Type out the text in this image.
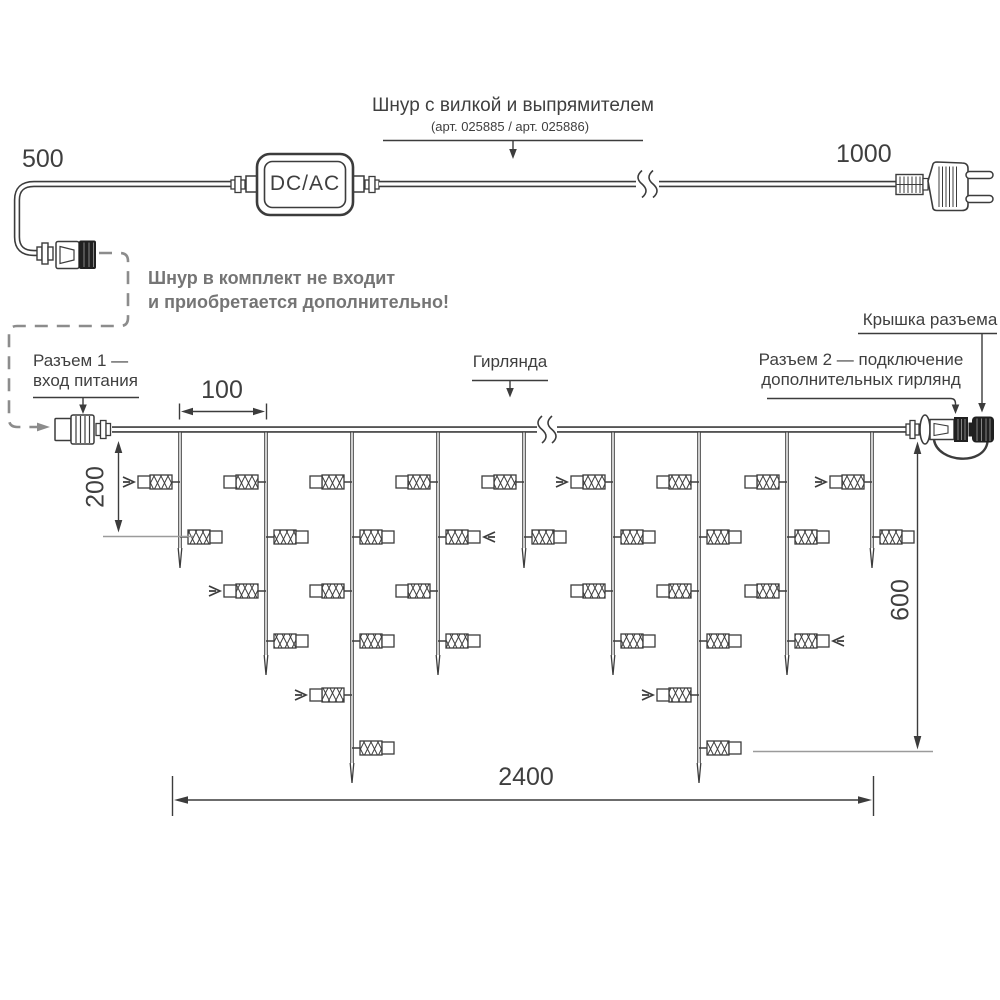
Шнур с вилкой и выпрямителем
(арт. 025885 / арт. 025886)
500	1000
DC/AC
Шнур в комплект не входит
и приобретается дополнительно!
Разъем 1 —
вход питания
Гирлянда	Разъем 2 — подключение
дополнительных гирлянд
Крышка разъема
100
200
600
2400
